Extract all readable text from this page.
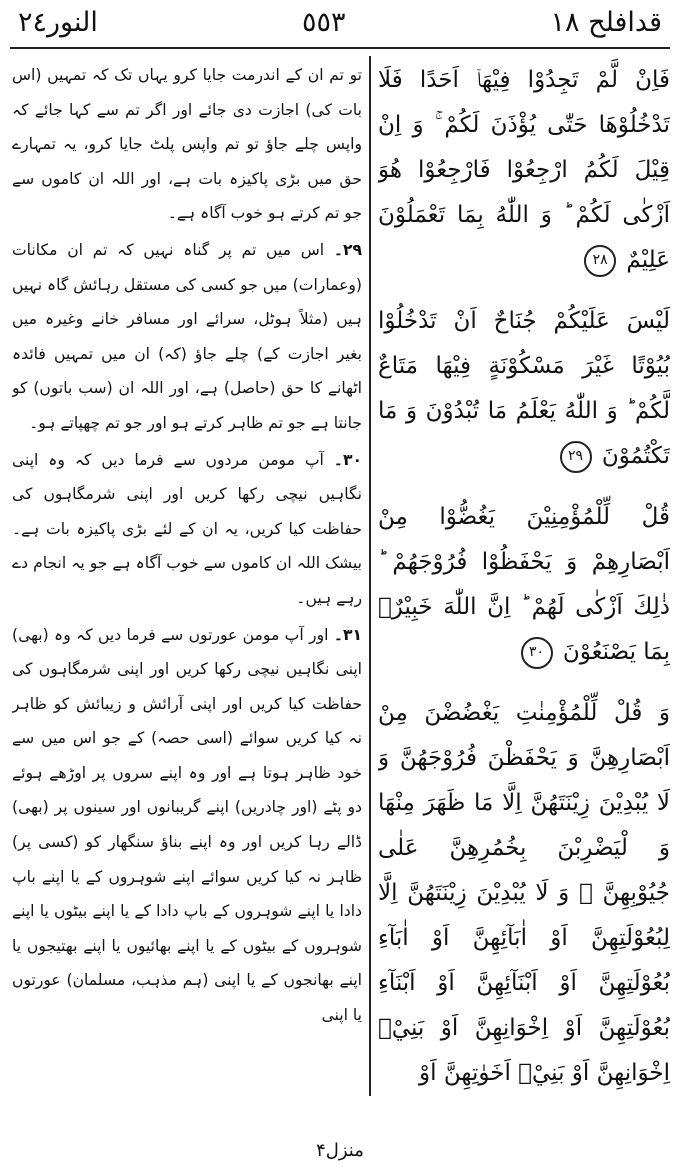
النور٢٤	٥٥٣	قدافلح ١٨

فَاِنْ لَّمْ تَجِدُوْا فِيْهَاۤ اَحَدًا فَلَا تَدْخُلُوْهَا حَتّٰى يُؤْذَنَ لَكُمْ ۚ وَ اِنْ قِيْلَ لَكُمُ ارْجِعُوْا فَارْجِعُوْا هُوَ اَزْكٰى لَكُمْ ؕ وَ اللّٰهُ بِمَا تَعْمَلُوْنَ عَلِيْمٌ ٢٨

لَيْسَ عَلَيْكُمْ جُنَاحٌ اَنْ تَدْخُلُوْا بُيُوْتًا غَيْرَ مَسْكُوْنَةٍ فِيْهَا مَتَاعٌ لَّكُمْ ؕ وَ اللّٰهُ يَعْلَمُ مَا تُبْدُوْنَ وَ مَا تَكْتُمُوْنَ ٢٩

قُلْ لِّلْمُؤْمِنِيْنَ يَغُضُّوْا مِنْ اَبْصَارِهِمْ وَ يَحْفَظُوْا فُرُوْجَهُمْ ؕ ذٰلِكَ اَزْكٰى لَهُمْ ؕ اِنَّ اللّٰهَ خَبِيْرٌۢ بِمَا يَصْنَعُوْنَ ٣٠

وَ قُلْ لِّلْمُؤْمِنٰتِ يَغْضُضْنَ مِنْ اَبْصَارِهِنَّ وَ يَحْفَظْنَ فُرُوْجَهُنَّ وَ لَا يُبْدِيْنَ زِيْنَتَهُنَّ اِلَّا مَا ظَهَرَ مِنْهَا وَ لْيَضْرِبْنَ بِخُمُرِهِنَّ عَلٰى جُيُوْبِهِنَّ ۠ وَ لَا يُبْدِيْنَ زِيْنَتَهُنَّ اِلَّا لِبُعُوْلَتِهِنَّ اَوْ اٰبَآئِهِنَّ اَوْ اٰبَآءِ بُعُوْلَتِهِنَّ اَوْ اَبْنَآئِهِنَّ اَوْ اَبْنَآءِ بُعُوْلَتِهِنَّ اَوْ اِخْوَانِهِنَّ اَوْ بَنِيْۤ اِخْوَانِهِنَّ اَوْ بَنِيْۤ اَخَوٰتِهِنَّ اَوْ

تو تم ان کے اندرمت جایا کرو یہاں تک کہ تمہیں (اس بات کی) اجازت دی جائے اور اگر تم سے کہا جائے کہ واپس چلے جاؤ تو تم واپس پلٹ جایا کرو، یہ تمہارے حق میں بڑی پاکیزہ بات ہے، اور اللہ ان کاموں سے جو تم کرتے ہو خوب آگاہ ہے۔

۲۹۔ اس میں تم پر گناہ نہیں کہ تم ان مکانات (وعمارات) میں جو کسی کی مستقل رہائش گاہ نہیں ہیں (مثلاً ہوٹل، سرائے اور مسافر خانے وغیرہ میں بغیر اجازت کے) چلے جاؤ (کہ) ان میں تمہیں فائدہ اٹھانے کا حق (حاصل) ہے، اور اللہ ان (سب باتوں) کو جانتا ہے جو تم ظاہر کرتے ہو اور جو تم چھپاتے ہو۔

۳۰۔ آپ مومن مردوں سے فرما دیں کہ وہ اپنی نگاہیں نیچی رکھا کریں اور اپنی شرمگاہوں کی حفاظت کیا کریں، یہ ان کے لئے بڑی پاکیزہ بات ہے۔ بیشک اللہ ان کاموں سے خوب آگاہ ہے جو یہ انجام دے رہے ہیں۔

۳۱۔ اور آپ مومن عورتوں سے فرما دیں کہ وہ (بھی) اپنی نگاہیں نیچی رکھا کریں اور اپنی شرمگاہوں کی حفاظت کیا کریں اور اپنی آرائش و زیبائش کو ظاہر نہ کیا کریں سوائے (اسی حصہ) کے جو اس میں سے خود ظاہر ہوتا ہے اور وہ اپنے سروں پر اوڑھے ہوئے دو پٹے (اور چادریں) اپنے گریبانوں اور سینوں پر (بھی) ڈالے رہا کریں اور وہ اپنے بناؤ سنگھار کو (کسی پر) ظاہر نہ کیا کریں سوائے اپنے شوہروں کے یا اپنے باپ دادا یا اپنے شوہروں کے باپ دادا کے یا اپنے بیٹوں یا اپنے شوہروں کے بیٹوں کے یا اپنے بھائیوں یا اپنے بھتیجوں یا اپنے بھانجوں کے یا اپنی (ہم مذہب، مسلمان) عورتوں یا اپنی

منزل۴
